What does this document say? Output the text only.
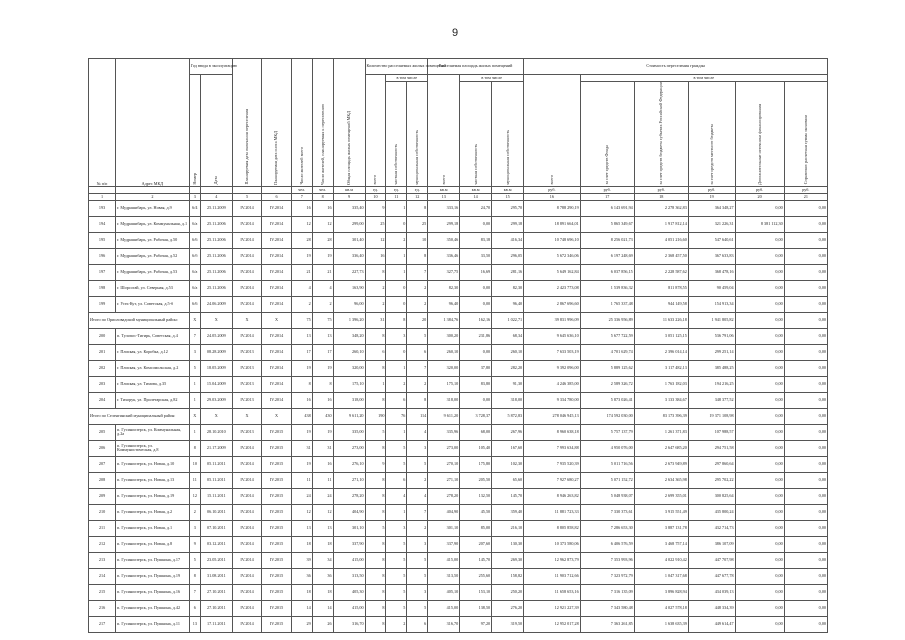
9
№ п/п	Адрес МКД	Год ввода в эксплуатацию		Планируемая дата окончания переселения	Планируемая дата сноса МКД	Число жителей всего	Число жителей, планируемых к переселению	Общая площадь жилых помещений МКД	Количество расселяемых жилых помещений			Расселяемая площадь жилых помещений			Стоимость переселения граждан					
		Номер	Дата						всего	в том числе		всего	в том числе		всего	в том числе				
										частная собственность	муниципальная собственность		частная собственность	муниципальная собственность		за счет средств Фонда	за счет средств бюджета субъекта Российской Федерации	за счет средств местного бюджета	Дополнительные источники финансирования	Справочно: расчетная сумма экономии
						чел.	чел.	кв.м	ед.	ед.	ед.	кв.м	кв.м	кв.м	руб.	руб.	руб.	руб.	руб.	руб.
1	2	3	4	5	6	7	8	9	10	11	12	13	14	15	16	17	18	19	20	21
193	г. Мудрашибарь, ул. Новая, д.9	6/4	25.11.2009	IV.2014	IV.2014	16	16	335,40	9	1	8	333,16	24,70	295,70	8 788 290,19	6 143 691,94	2 278 362,83	364 348,27	0,00	0,00
194	г. Мудрашибарь, ул. Коммунальная, д.1	6/a	25.11.2006	IV.2014	IV.2014	12	12	299,00	25	0	25	299,18	0,00	299,18	18 891 664,01	5 865 349,67	1 917 812,14	321 226,31	8 381 112,30	0,00
195	г. Мудрашибарь, ул. Рабочая, д.50	6/6	25.11.2006	IV.2014	IV.2014	28	28	301,40	12	2	10	350,46	83,18	416,34	10 748 696,10	8 256 021,73	4 051 216,60	547 640,61	0,00	0,00
196	г. Мудрашибарь, ул. Рабочая, д.52	6/б	25.11.2006	IV.2014	IV.2014	19	19	336,40	16	1	8	336,46	33,50	296,05	5 672 346,06	6 197 248,69	2 368 457,50	367 633,83	0,00	0,00
197	г. Мудрашибарь, ул. Рабочая, д.53	6/a	25.11.2006	IV.2014	IV.2014	21	21	227,73	8	1	7	327,75	16,69	281,16	5 649 162,84	6 037 856,15	2 228 587,62	368 478,16	0,00	0,00
198	г. Шорсогай, ул. Северная, д.53	6/a	25.11.2006	IV.2014	IV.2014	4	4	163,90	2	0	2	82,30	0,00	82,30	2 423 773,08	1 539 836,32	811 878,55	90 459,04	0,00	0,00
199	г. Усть-Кут, ул. Советская, д.5-б	6/6	24.06.2009	IV.2014	IV.2014	2	2	96,00	2	0	2	96,40	0,00	96,40	2 867 696,60	1 765 337,48	944 149,58	154 913,34	0,00	0,00
Итого по Ориоловадский муниципальный район:		X	X	X	X	75	75	1 396,20	31	8	20	1 384,76	162,16	1 022,71	39 831 996,09	25 336 956,89	11 633 226,18	1 941 805,82	0,00	0,00
200	п. Тулопос-Тигирь, Советская, д.4	7	24.05.2009	IV.2014	IV.2014	13	13	348,20	8	3	5	300,20	231,86	68,34	9 645 636,10	5 677 722,59	3 051 125,15	536 791,06	0,00	0,00
201	г. Плиская, ул. Коробка, д.12	3	08.28.2009	IV.2013	IV.2014	17	17	260,10	6	0	6	260,10	0,00	260,10	7 633 503,19	4 701 629,74	2 396 014,14	299 251,14	0,00	0,00
202	г. Плиская, ул. Комсомольская, д.2	5	18.05.2009	IV.2013	IV.2014	19	19	320,00	8	1	7	320,00	37,80	282,20	9 392 096,00	5 889 125,62	3 117 482,13	385 488,25	0,00	0,00
203	г. Плиская, ул. Тимова, д.35	1	15.04.2009	IV.2013	IV.2014	8	8	175,10	1	2	2	175,10	83,80	91,30	4 246 385,00	2 589 326,72	1 763 182,03	194 216,25	0,00	0,00
204	г. Тихорук, ул. Пролетарская, д.82	1	29.03.2009	IV.2013	IV.2014	16	16	318,00	8	6	8	318,00	0,00	318,00	9 334 780,00	5 873 026,41	3 133 384,67	348 377,52	0,00	0,00
Итого по Селенгинский муниципальный район:		X	X	X	X	438	430	9 611,20	190	76	114	9 611,20	3 728,37	5 872,83	278 046 945,13	174 592 030,00	83 173 396,39	19 371 108,98	0,00	0,00
205	п. Гусиноозерск, ул. Коммунальная, д.2а	1	28.10.2010	IV.2013	IV.2015	19	19	335,00	5	1	4	335,96	68,00	267,96	8 960 638,18	5 757 137,79	1 261 371,83	107 988,57	0,00	0,00
206	п. Гусиноозерск, ул. Коммунистическая, д.8	8	21.17.2009	IV.2014	IV.2015	31	31	273,00	8	5	3	273,00	105,40	167,60	7 993 634,88	4 950 076,00	2 647 685,20	294 751,58	0,00	0,00
207	п. Гусиноозерск, ул. Новая, д.10	10	05.11.2011	IV.2014	IV.2015	19	16	276,10	9	5	5	270,10	175,80	102,30	7 935 520,39	5 011 716,56	2 673 949,89	297 860,64	0,00	0,00
208	п. Гусиноозерск, ул. Новая, д.13	11	05.11.2011	IV.2014	IV.2015	11	11	271,10	8	6	2	271,10	205,50	65,60	7 927 680,27	5 071 152,72	2 634 365,98	295 702,22	0,00	0,00
209	п. Гусиноозерск, ул. Новая, д.19	12	15.11.2011	IV.2014	IV.2015	24	24	278,20	8	4	4	278,20	132,50	145,70	8 946 263,82	5 048 938,07	2 699 355,01	300 825,64	0,00	0,00
210	п. Гусиноозерск, ул. Новая, д.2	2	06.10.2011	IV.2014	IV.2015	12	12	404,90	8	1	7	404,90	45,50	359,40	11 881 723,33	7 330 373,61	3 915 551,49	435 800,24	0,00	0,00
211	п. Гусиноозерск, ул. Новая, д.1	3	07.10.2011	IV.2014	IV.2015	13	13	301,10	5	3	2	301,10	85,00	216,10	8 805 858,82	7 286 653,30	3 887 131,78	432 714,73	0,00	0,00
212	п. Гусиноозерск, ул. Новая, д.8	9	03.12.2011	IV.2014	IV.2015	18	18	337,90	8	5	3	337,90	207,60	130,30	10 373 580,06	6 406 576,59	3 468 757,14	386 107,09	0,00	0,00
213	п. Гусиноозерск, ул. Пушкина, д.17	5	23.05.2011	IV.2014	IV.2015	39	34	415,00	8	5	5	415,00	145,70	269,30	12 962 873,79	7 353 993,96	4 022 910,42	447 707,98	0,00	0,00
214	п. Гусиноозерск, ул. Пушкина, д.19	8	31.08.2011	IV.2014	IV.2015	36	36	313,50	8	5	5	313,50	255,60	158,82	11 903 712,66	7 323 972,79	1 047 317,68	447 677,78	0,00	0,00
215	п. Гусиноозерск, ул. Пушкина, д.16	7	27.10.2011	IV.2014	IV.2015	18	18	405,30	8	5	3	405,10	153,10	250,20	11 658 653,16	7 316 135,09	3 896 828,94	434 039,13	0,00	0,00
216	п. Гусиноозерск, ул. Пушкина, д.42	6	27.10.2011	IV.2014	IV.2015	14	14	415,00	8	5	5	415,00	138,50	276,20	12 921 227,39	7 343 580,48	4 027 578,18	448 334,39	0,00	0,00
217	п. Гусиноозерск, ул. Пушкина, д.11	13	17.11.2011	IV.2014	IV.2015	29	26	316,70	8	2	6	316,70	97,20	319,50	12 952 017,28	7 363 261,85	1 638 635,39	449 614,47	0,00	0,00
